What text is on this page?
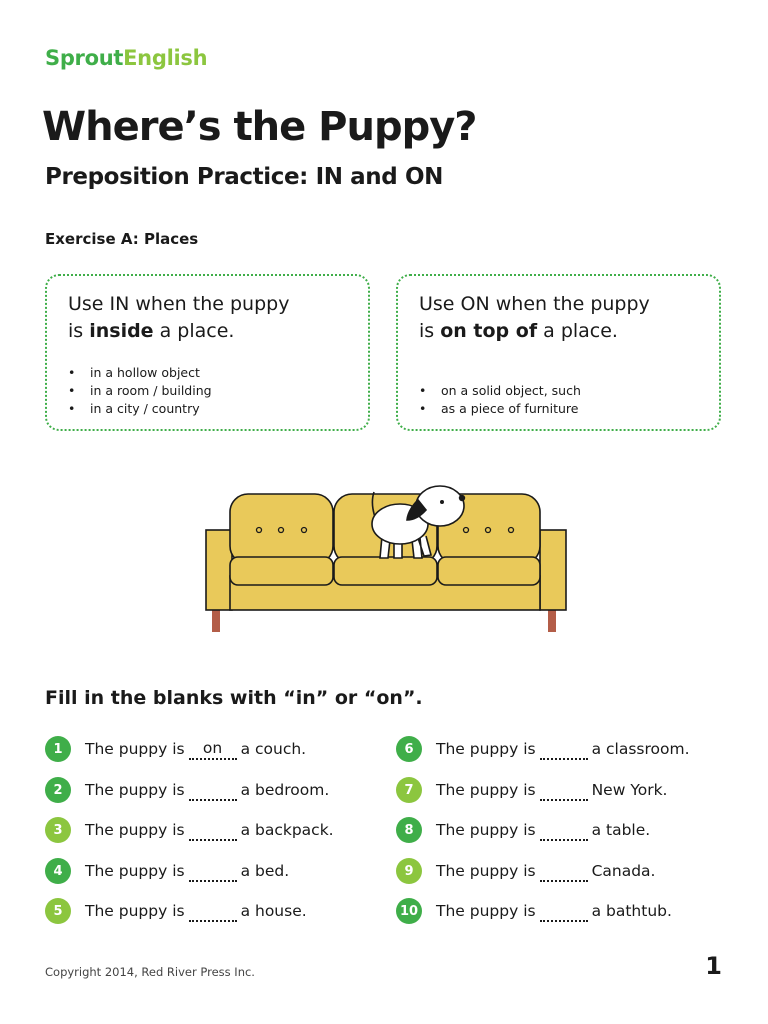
SproutEnglish
Where’s the Puppy?
Preposition Practice: IN and ON
Exercise A: Places
Use IN when the puppy
is inside a place.
• in a hollow object
• in a room / building
• in a city / country
Use ON when the puppy
is on top of a place.
• on a solid object, such
• as a piece of furniture
Fill in the blanks with “in” or “on”.
1	The puppy is	on	a couch.
2	The puppy is	a bedroom.
3	The puppy is	a backpack.
4	The puppy is	a bed.
5	The puppy is	a house.
6	The puppy is	a classroom.
7	The puppy is	New York.
8	The puppy is	a table.
9	The puppy is	Canada.
10 The puppy is	a bathtub.
Copyright 2014, Red River Press Inc.	1
